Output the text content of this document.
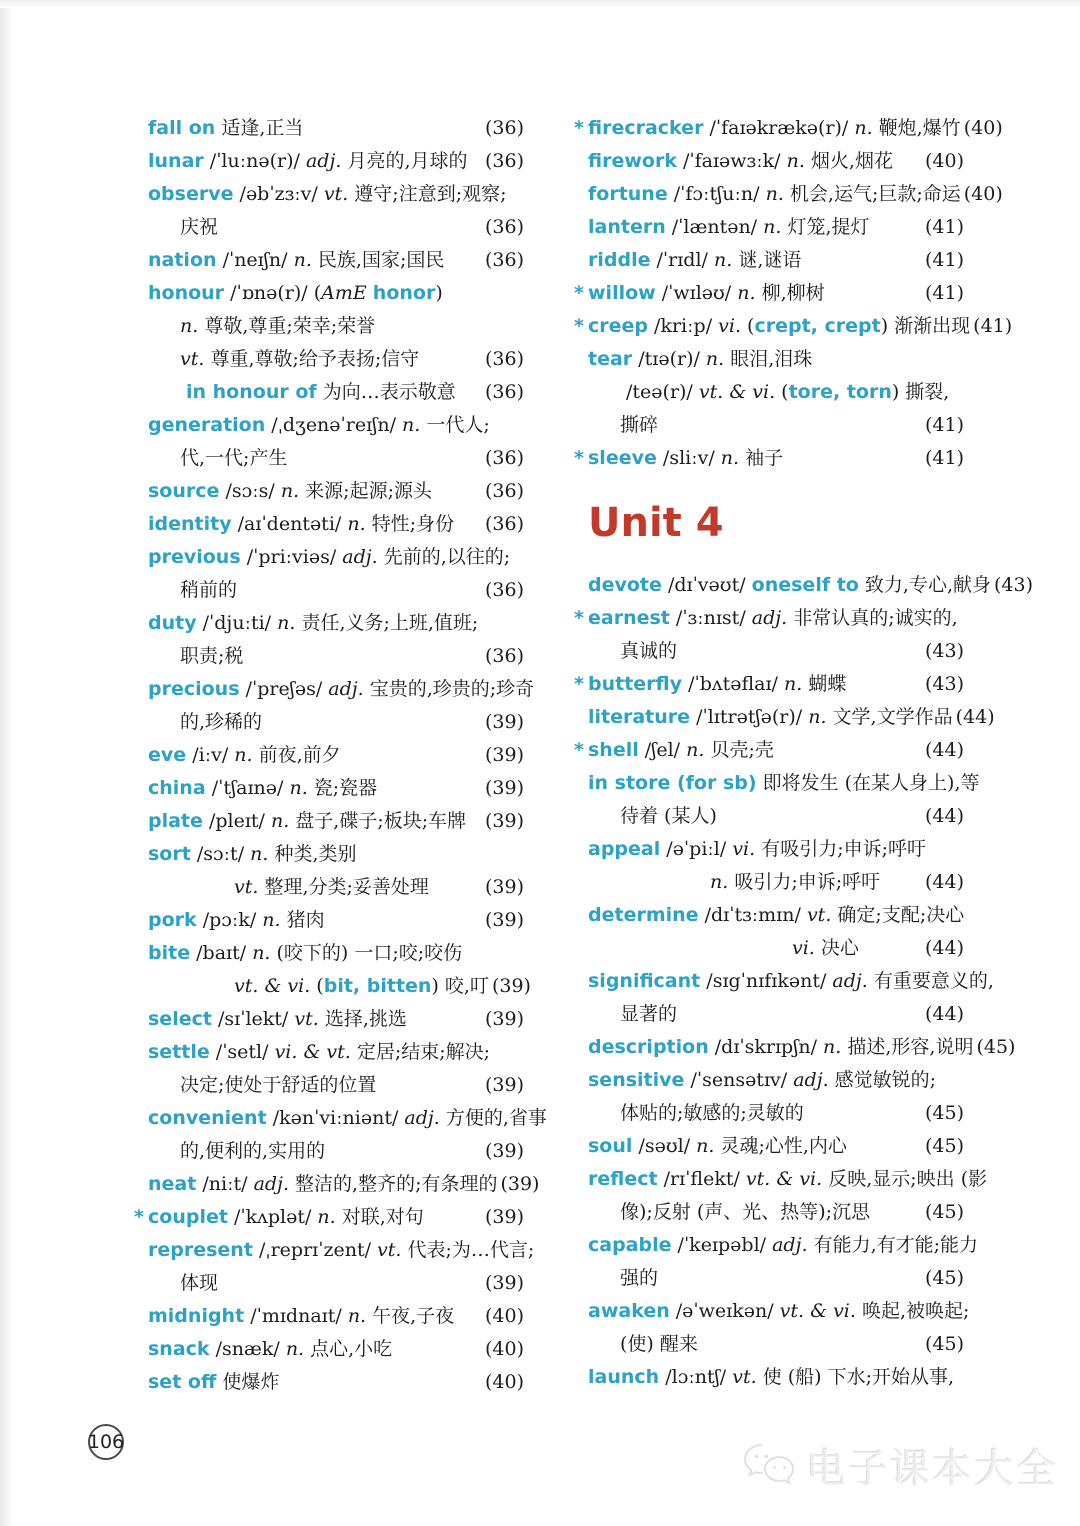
fall on 适逢,正当	(36)
lunar /ˈluːnə(r)/ adj. 月亮的,月球的 (36)
observe /əbˈzɜːv/ vt. 遵守;注意到;观察;
庆祝	(36)
nation /ˈneɪʃn/ n. 民族,国家;国民 (36)
honour /ˈɒnə(r)/ ( AmE
honor )
n. 尊敬,尊重;荣幸;荣誉
vt. 尊重,尊敬;给予表扬;信守	(36)
in honour of 为向…表示敬意 (36)
generation /ˌdʒenəˈreɪʃn/ n. 一代人;
代,一代;产生	(36)
source /sɔːs/ n. 来源;起源;源头	(36)
identity /aɪˈdentəti/ n. 特性;身份 (36)
previous /ˈpriːviəs/ adj. 先前的,以往的;
稍前的	(36)
duty /ˈdjuːti/ n. 责任,义务;上班,值班;
职责;税	(36)
precious /ˈpreʃəs/ adj. 宝贵的,珍贵的;珍奇
的,珍稀的	(39)
eve /iːv/ n. 前夜,前夕	(39)
china /ˈtʃaɪnə/ n. 瓷;瓷器	(39)
plate /pleɪt/ n. 盘子,碟子;板块;车牌 (39)
sort /sɔːt/ n. 种类,类别
vt. 整理,分类;妥善处理	(39)
pork /pɔːk/ n. 猪肉	(39)
bite /baɪt/ n. (咬下的) 一口;咬;咬伤
vt. & vi. ( bit, bitten ) 咬,叮 (39)
select /sɪˈlekt/ vt. 选择,挑选	(39)
settle /ˈsetl/ vi. & vt. 定居;结束;解决;
决定;使处于舒适的位置	(39)
convenient /kənˈviːniənt/ adj. 方便的,省事
的,便利的,实用的	(39)
neat /niːt/ adj. 整洁的,整齐的;有条理的 (39)
* couplet /ˈkʌplət/ n. 对联,对句	(39)
represent /ˌreprɪˈzent/ vt. 代表;为…代言;
体现	(39)
midnight /ˈmɪdnaɪt/ n. 午夜,子夜 (40)
snack /snæk/ n. 点心,小吃	(40)
set off 使爆炸	(40)
* firecracker /ˈfaɪəkrækə(r)/ n. 鞭炮,爆竹 (40)
firework /ˈfaɪəwɜːk/ n. 烟火,烟花 (40)
fortune /ˈfɔːtʃuːn/ n. 机会,运气;巨款;命运 (40)
lantern /ˈlæntən/ n. 灯笼,提灯	(41)
riddle /ˈrɪdl/ n. 谜,谜语	(41)
* willow /ˈwɪləʊ/ n. 柳,柳树	(41)
* creep /kriːp/ vi. ( crept, crept ) 渐渐出现 (41)
tear /tɪə(r)/ n. 眼泪,泪珠
/teə(r)/ vt. & vi. ( tore, torn ) 撕裂,
撕碎	(41)
* sleeve /sliːv/ n. 袖子	(41)
Unit 4
devote /dɪˈvəʊt/ oneself to 致力,专心,献身 (43)
* earnest /ˈɜːnɪst/ adj. 非常认真的;诚实的,
真诚的	(43)
* butterfly /ˈbʌtəflaɪ/ n. 蝴蝶	(43)
literature /ˈlɪtrətʃə(r)/ n. 文学,文学作品 (44)
* shell /ʃel/ n. 贝壳;壳	(44)
in store (for sb) 即将发生 (在某人身上),等
待着 (某人)	(44)
appeal /əˈpiːl/ vi. 有吸引力;申诉;呼吁
n. 吸引力;申诉;呼吁 (44)
determine /dɪˈtɜːmɪn/ vt. 确定;支配;决心
vi. 决心	(44)
significant /sɪgˈnɪfɪkənt/ adj. 有重要意义的,
显著的	(44)
description /dɪˈskrɪpʃn/ n. 描述,形容,说明 (45)
sensitive /ˈsensətɪv/ adj. 感觉敏锐的;
体贴的;敏感的;灵敏的	(45)
soul /səʊl/ n. 灵魂;心性,内心	(45)
reflect /rɪˈflekt/ vt. & vi. 反映,显示;映出 (影
像);反射 (声、光、热等);沉思	(45)
capable /ˈkeɪpəbl/ adj. 有能力,有才能;能力
强的	(45)
awaken /əˈweɪkən/ vt. & vi. 唤起,被唤起;
(使) 醒来	(45)
launch /lɔːntʃ/ vt. 使 (船) 下水;开始从事,
106
电子课本大全
